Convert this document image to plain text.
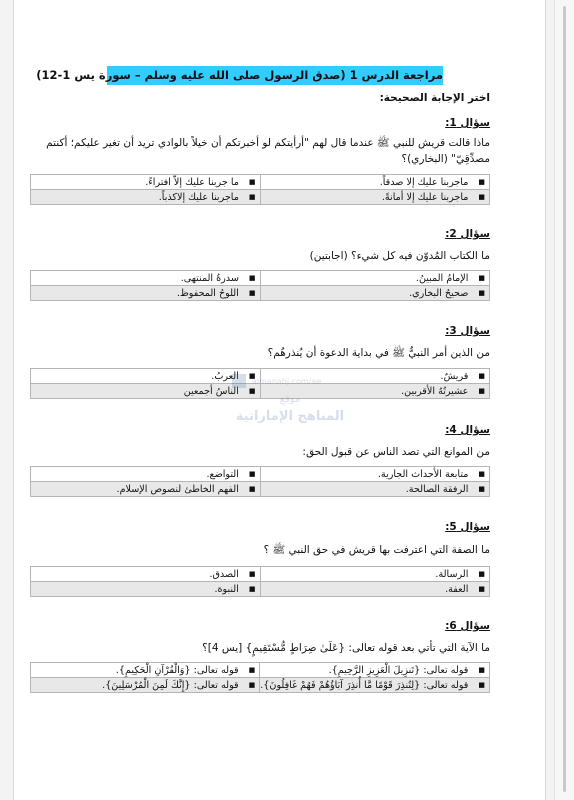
مراجعة الدرس 1 (صدق الرسول صلى الله عليه وسلم – سورة يس 1-12)
اختر الإجابة الصحيحة:
سؤال 1:
ماذا قالت قريش للنبي ﷺ عندما قال لهم "أرأيتكم لو أخبرتكم أن خيلاً بالوادي تريد أن تغير عليكم؛ أكنتم مصدِّقِيّ" (البخاري)؟
■ماجربنا عليك إلا صدقاً.	■ما جربنا عليك إلاّ افتراءً.
■ماجربنا عليك إلا أمانةً.	■ماجربنا عليك إلاكذباً.
سؤال 2:
ما الكتاب المُدوّن فيه كل شيء؟ (اجابتين)
■الإمامُ المبينُ.	■سدرةُ المنتهى.
■صحيحُ البخاري.	■اللوحُ المحفوظ.
سؤال 3:
من الذين أمر النبيُّ ﷺ في بداية الدعوة أن يُنذرهُم؟
■قريشٌ.	■العربُ.
■عشيرتُهُ الأقربين.	■الناسُ أجمعين
سؤال 4:
من الموانع التي تصد الناس عن قبول الحق:
■متابعة الأحداث الجارية.	■التواضع.
■الرفقة الصالحة.	■الفهم الخاطئ لنصوص الإسلام.
سؤال 5:
ما الصفة التي اعترفت بها قريش في حق النبي ﷺ ؟
■الرسالة.	■الصدق.
■العفة.	■النبوة.
سؤال 6:
ما الآية التي تأتي بعد قوله تعالى: {عَلَىٰ صِرَاطٍ مُّسْتَقِيمٍ} [يس 4]؟
■قوله تعالى: {تَنزِيلَ الْعَزِيزِ الرَّحِيمِ}.	■قوله تعالى: {وَالْقُرْآنِ الْحَكِيمِ}.
■قوله تعالى: {لِتُنذِرَ قَوْمًا مَّا أُنذِرَ آبَاؤُهُمْ فَهُمْ غَافِلُونَ}.	■قوله تعالى: {إِنَّكَ لَمِنَ الْمُرْسَلِينَ}.
almanahj.com/ae
موقع
المناهج الإماراتية
